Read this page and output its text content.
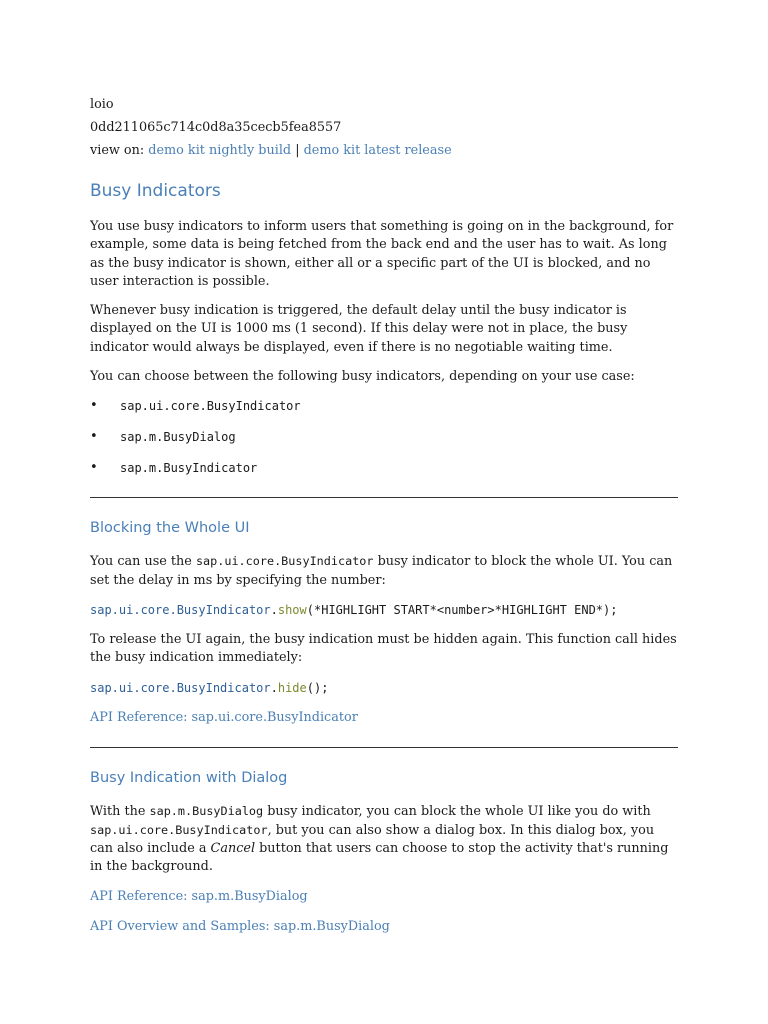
loio

0dd211065c714c0d8a35cecb5fea8557

view on: demo kit nightly build | demo kit latest release

Busy Indicators

You use busy indicators to inform users that something is going on in the background, for example, some data is being fetched from the back end and the user has to wait. As long as the busy indicator is shown, either all or a specific part of the UI is blocked, and no user interaction is possible.

Whenever busy indication is triggered, the default delay until the busy indicator is displayed on the UI is 1000 ms (1 second). If this delay were not in place, the busy indicator would always be displayed, even if there is no negotiable waiting time.

You can choose between the following busy indicators, depending on your use case:

• sap.ui.core.BusyIndicator
• sap.m.BusyDialog
• sap.m.BusyIndicator
Blocking the Whole UI

You can use the sap.ui.core.BusyIndicator busy indicator to block the whole UI. You can set the delay in ms by specifying the number:

sap.ui.core.BusyIndicator.show(*HIGHLIGHT START*<number>*HIGHLIGHT END*);

To release the UI again, the busy indication must be hidden again. This function call hides the busy indication immediately:

sap.ui.core.BusyIndicator.hide();

API Reference: sap.ui.core.BusyIndicator
Busy Indication with Dialog

With the sap.m.BusyDialog busy indicator, you can block the whole UI like you do with sap.ui.core.BusyIndicator, but you can also show a dialog box. In this dialog box, you can also include a Cancel button that users can choose to stop the activity that's running in the background.

API Reference: sap.m.BusyDialog
API Overview and Samples: sap.m.BusyDialog
